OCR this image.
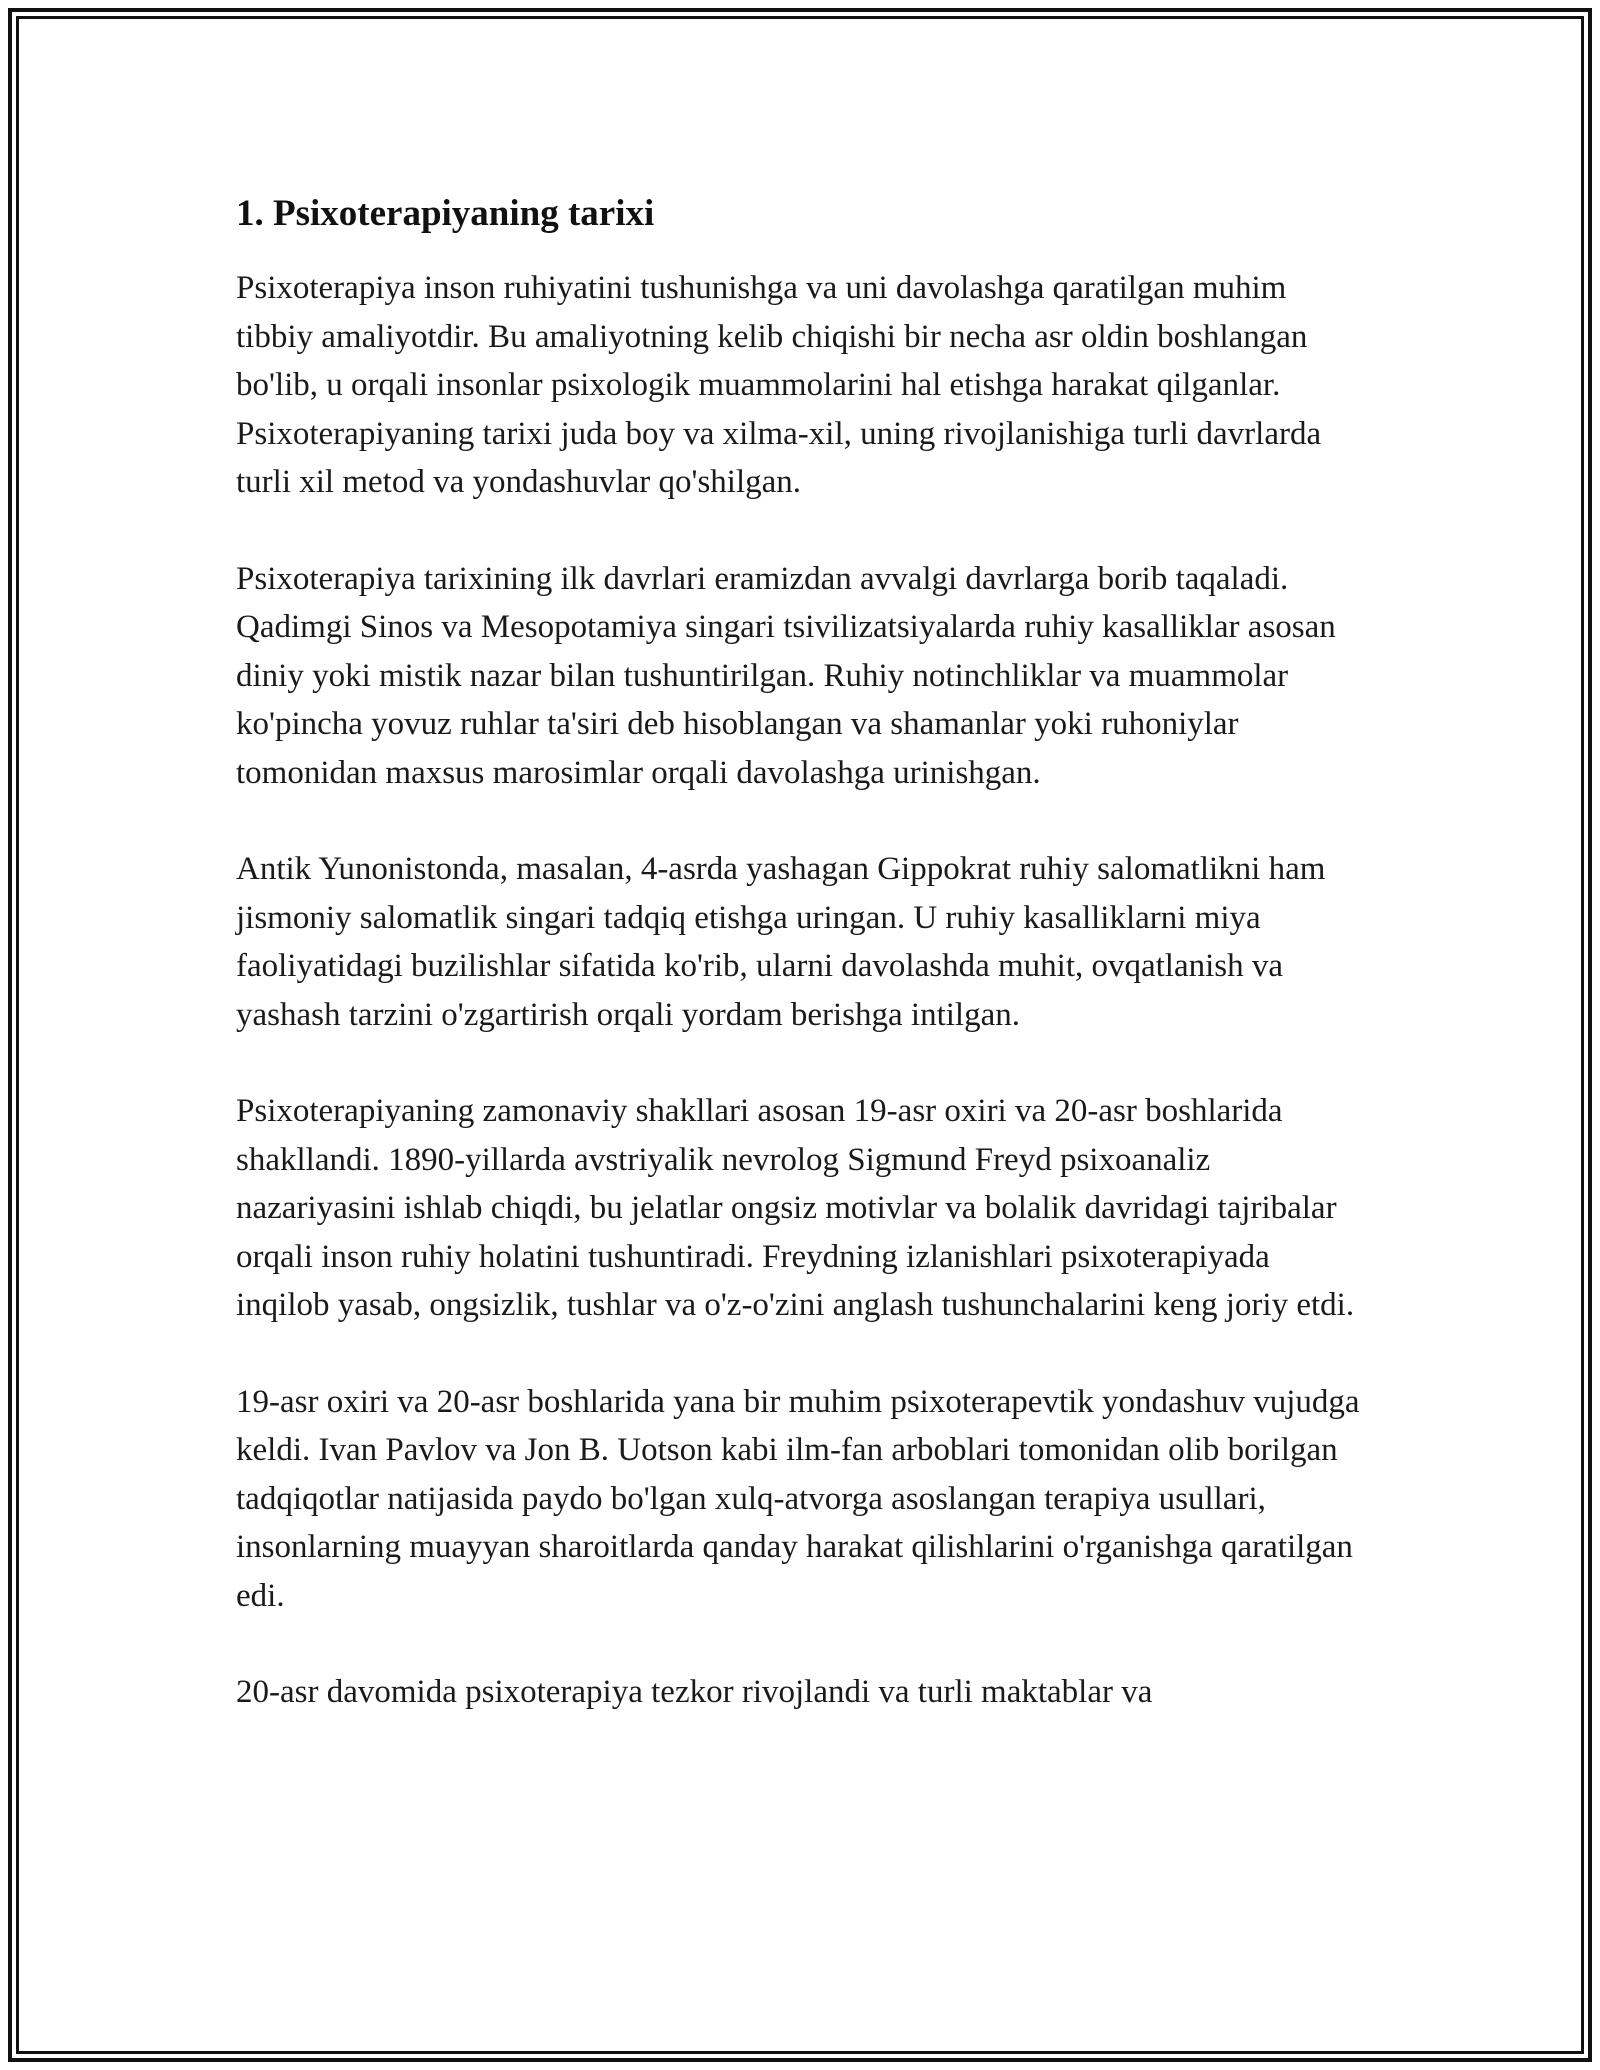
1. Psixoterapiyaning tarixi

Psixoterapiya inson ruhiyatini tushunishga va uni davolashga qaratilgan muhim tibbiy amaliyotdir. Bu amaliyotning kelib chiqishi bir necha asr oldin boshlangan bo'lib, u orqali insonlar psixologik muammolarini hal etishga harakat qilganlar. Psixoterapiyaning tarixi juda boy va xilma-xil, uning rivojlanishiga turli davrlarda turli xil metod va yondashuvlar qo'shilgan.

Psixoterapiya tarixining ilk davrlari eramizdan avvalgi davrlarga borib taqaladi. Qadimgi Sinos va Mesopotamiya singari tsivilizatsiyalarda ruhiy kasalliklar asosan diniy yoki mistik nazar bilan tushuntirilgan. Ruhiy notinchliklar va muammolar ko'pincha yovuz ruhlar ta'siri deb hisoblangan va shamanlar yoki ruhoniylar tomonidan maxsus marosimlar orqali davolashga urinishgan.

Antik Yunonistonda, masalan, 4-asrda yashagan Gippokrat ruhiy salomatlikni ham jismoniy salomatlik singari tadqiq etishga uringan. U ruhiy kasalliklarni miya faoliyatidagi buzilishlar sifatida ko'rib, ularni davolashda muhit, ovqatlanish va yashash tarzini o'zgartirish orqali yordam berishga intilgan.

Psixoterapiyaning zamonaviy shakllari asosan 19-asr oxiri va 20-asr boshlarida shakllandi. 1890-yillarda avstriyalik nevrolog Sigmund Freyd psixoanaliz nazariyasini ishlab chiqdi, bu jelatlar ongsiz motivlar va bolalik davridagi tajribalar orqali inson ruhiy holatini tushuntiradi. Freydning izlanishlari psixoterapiyada inqilob yasab, ongsizlik, tushlar va o'z-o'zini anglash tushunchalarini keng joriy etdi.

19-asr oxiri va 20-asr boshlarida yana bir muhim psixoterapevtik yondashuv vujudga keldi. Ivan Pavlov va Jon B. Uotson kabi ilm-fan arboblari tomonidan olib borilgan tadqiqotlar natijasida paydo bo'lgan xulq-atvorga asoslangan terapiya usullari, insonlarning muayyan sharoitlarda qanday harakat qilishlarini o'rganishga qaratilgan edi.

20-asr davomida psixoterapiya tezkor rivojlandi va turli maktablar va
